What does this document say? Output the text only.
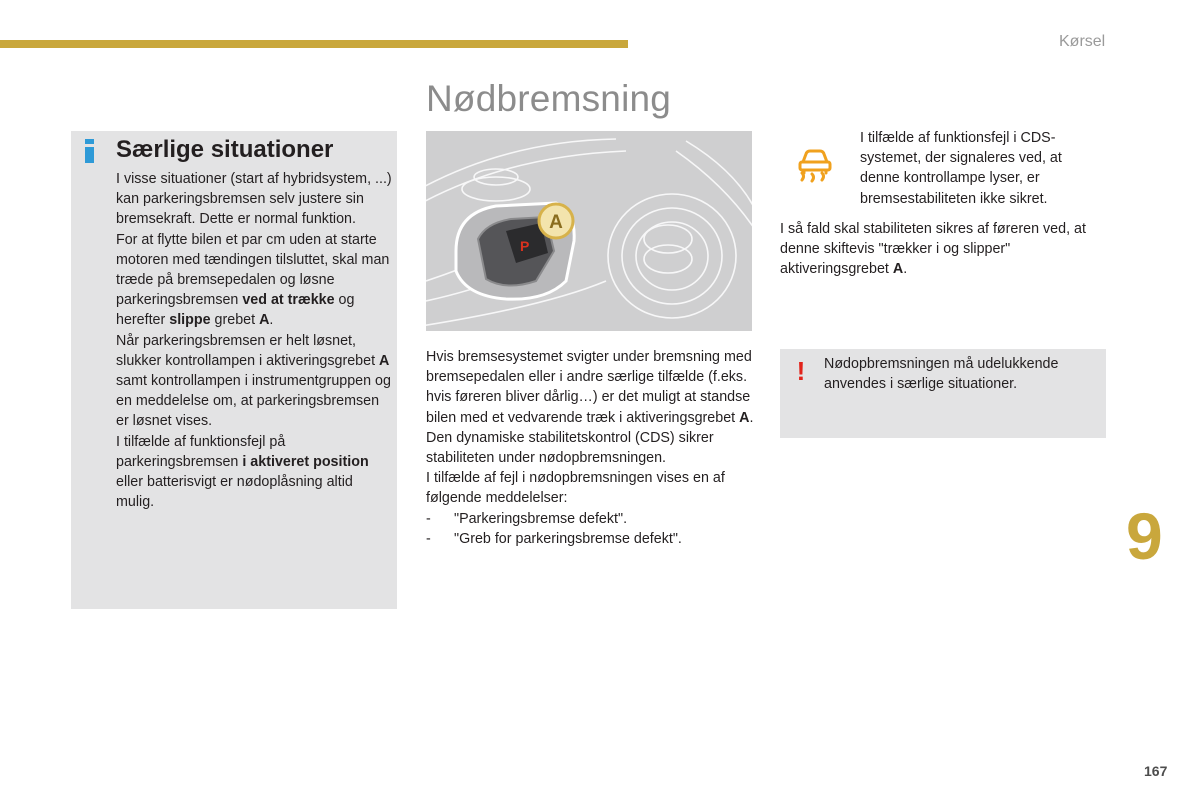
Kørsel
Nødbremsning
Særlige situationer

I visse situationer (start af hybridsystem, ...)

kan parkeringsbremsen selv justere sin bremsekraft. Dette er normal funktion.

For at flytte bilen et par cm uden at starte motoren med tændingen tilsluttet, skal man træde på bremsepedalen og løsne parkeringsbremsen ved at trække og herefter slippe grebet A.

Når parkeringsbremsen er helt løsnet, slukker kontrollampen i aktiveringsgrebet A samt kontrollampen i instrumentgruppen og en meddelelse om, at parkeringsbremsen er løsnet vises.

I tilfælde af funktionsfejl på parkeringsbremsen i aktiveret position eller batterisvigt er nødoplåsning altid mulig.

P
A

Hvis bremsesystemet svigter under bremsning med bremsepedalen eller i andre særlige tilfælde (f.eks. hvis føreren bliver dårlig…) er det muligt at standse bilen med et vedvarende træk i aktiveringsgrebet A.

Den dynamiske stabilitetskontrol (CDS) sikrer stabiliteten under nødopbremsningen.

I tilfælde af fejl i nødopbremsningen vises en af følgende meddelelser:

-	"Parkeringsbremse defekt".
-	"Greb for parkeringsbremse defekt".

I tilfælde af funktionsfejl i CDS-systemet, der signaleres ved, at denne kontrollampe lyser, er bremsestabiliteten ikke sikret.

I så fald skal stabiliteten sikres af føreren ved, at denne skiftevis "trækker i og slipper" aktiveringsgrebet A.

! Nødopbremsningen må udelukkende anvendes i særlige situationer.

9
167
